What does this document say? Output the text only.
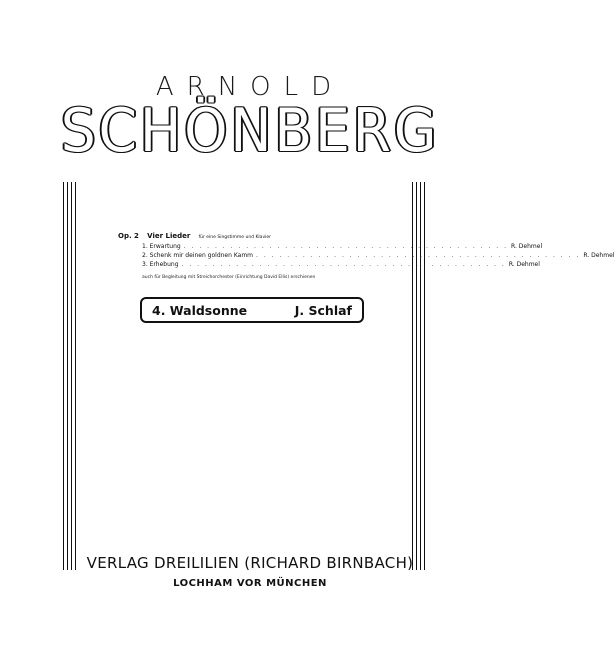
ARNOLD
SCHÖNBERG
Op. 2 Vier Lieder für eine Singstimme und Klavier
1. Erwartung . . . . . . . . . . . . . . . . . . . . . . . . . . . . . . . . . . . . . . . . . . R. Dehmel
2. Schenk mir deinen goldnen Kamm . . . . . . . . . . . . . . . . . . . . . . . . . . . . . . . . . . . . . . . . . . R. Dehmel
3. Erhebung . . . . . . . . . . . . . . . . . . . . . . . . . . . . . . . . . . . . . . . . . . R. Dehmel
auch für Begleitung mit Streichorchester (Einrichtung David Ellis) erschienen
4. Waldsonne	J. Schlaf
VERLAG DREILILIEN (RICHARD BIRNBACH)
LOCHHAM VOR MÜNCHEN
